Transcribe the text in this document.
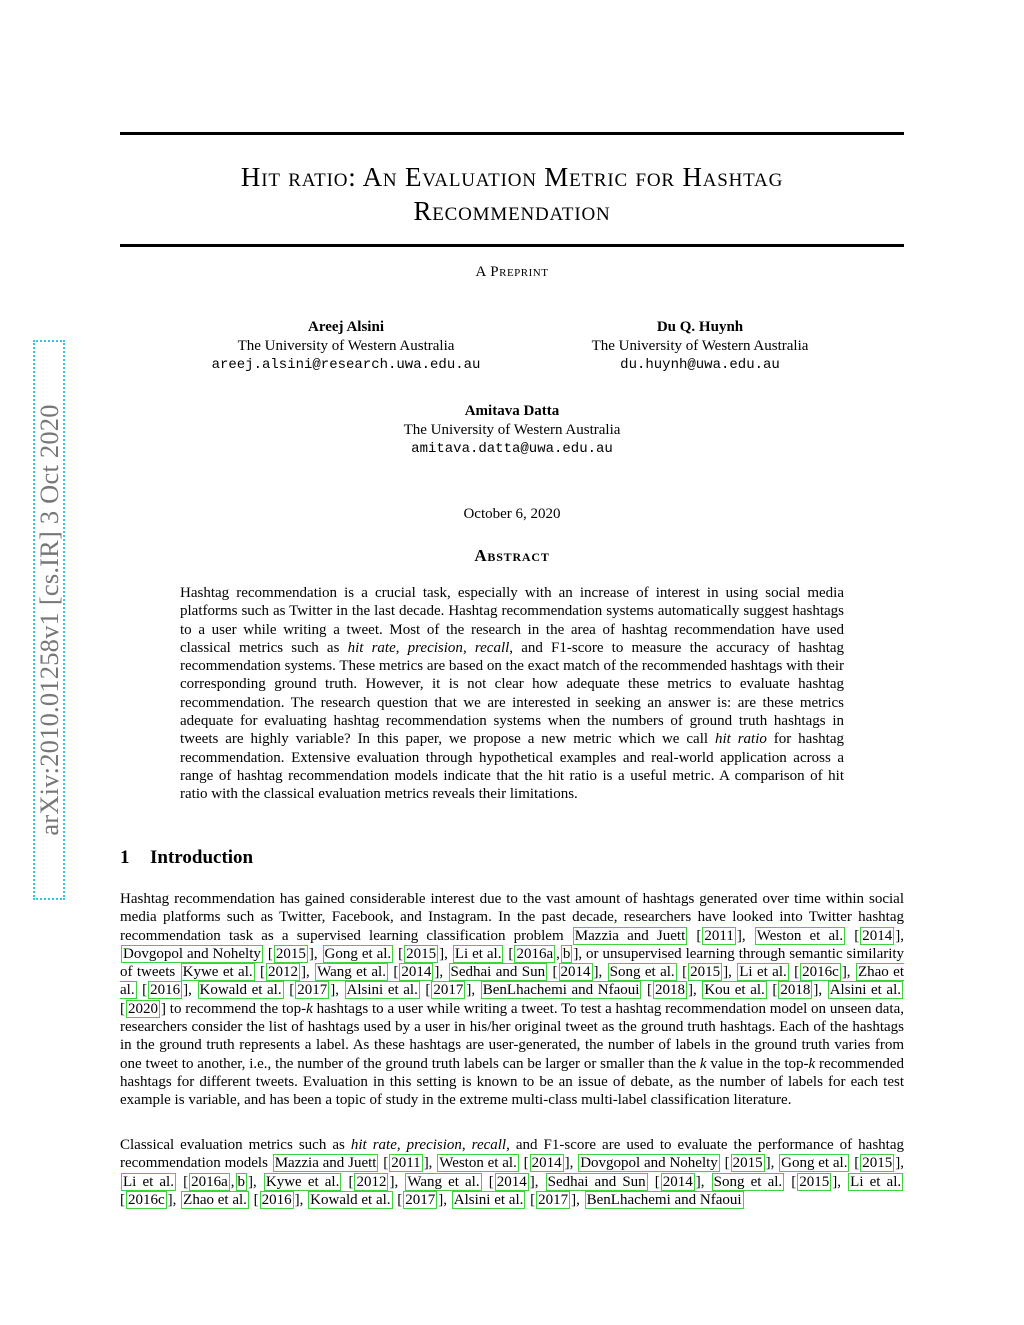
arXiv:2010.01258v1 [cs.IR] 3 Oct 2020
Hit ratio: An Evaluation Metric for Hashtag
Recommendation
A Preprint
Areej Alsini
The University of Western Australia
areej.alsini@research.uwa.edu.au
Du Q. Huynh
The University of Western Australia
du.huynh@uwa.edu.au
Amitava Datta
The University of Western Australia
amitava.datta@uwa.edu.au
October 6, 2020
Abstract
Hashtag recommendation is a crucial task, especially with an increase of interest in using social media platforms such as Twitter in the last decade. Hashtag recommendation systems automatically suggest hashtags to a user while writing a tweet. Most of the research in the area of hashtag recommendation have used classical metrics such as hit rate, precision, recall, and F1-score to measure the accuracy of hashtag recommendation systems. These metrics are based on the exact match of the recommended hashtags with their corresponding ground truth. However, it is not clear how adequate these metrics to evaluate hashtag recommendation. The research question that we are interested in seeking an answer is: are these metrics adequate for evaluating hashtag recommendation systems when the numbers of ground truth hashtags in tweets are highly variable? In this paper, we propose a new metric which we call hit ratio for hashtag recommendation. Extensive evaluation through hypothetical examples and real-world application across a range of hashtag recommendation models indicate that the hit ratio is a useful metric. A comparison of hit ratio with the classical evaluation metrics reveals their limitations.
1 Introduction
Hashtag recommendation has gained considerable interest due to the vast amount of hashtags generated over time within social media platforms such as Twitter, Facebook, and Instagram. In the past decade, researchers have looked into Twitter hashtag recommendation task as a supervised learning classification problem Mazzia and Juett [ 2011 ], Weston et al. [ 2014 ], Dovgopol and Nohelty [ 2015 ], Gong et al. [ 2015 ], Li et al. [ 2016a , b ], or unsupervised learning through semantic similarity of tweets Kywe et al. [ 2012 ], Wang et al. [ 2014 ], Sedhai and Sun [ 2014 ], Song et al. [ 2015 ], Li et al. [ 2016c ], Zhao et al. [ 2016 ], Kowald et al. [ 2017 ], Alsini et al. [ 2017 ], BenLhachemi and Nfaoui [ 2018 ], Kou et al. [ 2018 ], Alsini et al. [ 2020 ] to recommend the top-k hashtags to a user while writing a tweet. To test a hashtag recommendation model on unseen data, researchers consider the list of hashtags used by a user in his/her original tweet as the ground truth hashtags. Each of the hashtags in the ground truth represents a label. As these hashtags are user-generated, the number of labels in the ground truth varies from one tweet to another, i.e., the number of the ground truth labels can be larger or smaller than the k value in the top-k recommended hashtags for different tweets. Evaluation in this setting is known to be an issue of debate, as the number of labels for each test example is variable, and has been a topic of study in the extreme multi-class multi-label classification literature.
Classical evaluation metrics such as hit rate, precision, recall, and F1-score are used to evaluate the performance of hashtag recommendation models Mazzia and Juett [ 2011 ], Weston et al. [ 2014 ], Dovgopol and Nohelty [ 2015 ], Gong et al. [ 2015 ], Li et al. [ 2016a , b ], Kywe et al. [ 2012 ], Wang et al. [ 2014 ], Sedhai and Sun [ 2014 ], Song et al. [ 2015 ], Li et al. [ 2016c ], Zhao et al. [ 2016 ], Kowald et al. [ 2017 ], Alsini et al. [ 2017 ], BenLhachemi and Nfaoui
